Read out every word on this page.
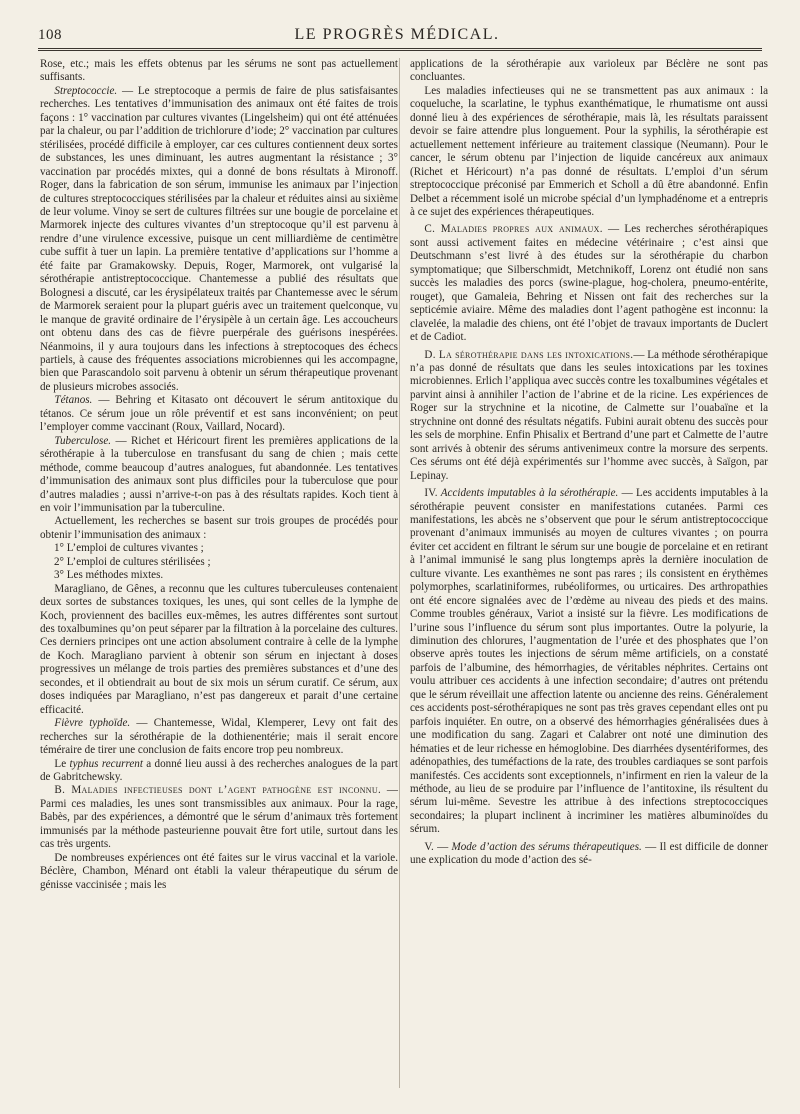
108	LE PROGRÈS MÉDICAL.

Rose, etc.; mais les effets obtenus par les sérums ne sont pas actuellement suffisants.

Streptococcie. — Le streptocoque a permis de faire de plus satisfaisantes recherches. Les tentatives d’immunisation des animaux ont été faites de trois façons : 1° vaccination par cultures vivantes (Lingelsheim) qui ont été atténuées par la chaleur, ou par l’addition de trichlorure d’iode; 2° vaccination par cultures stérilisées, procédé difficile à employer, car ces cultures contiennent deux sortes de substances, les unes diminuant, les autres augmentant la résistance ; 3° vaccination par procédés mixtes, qui a donné de bons résultats à Mironoff. Roger, dans la fabrication de son sérum, immunise les animaux par l’injection de cultures streptococciques stérilisées par la chaleur et réduites ainsi au sixième de leur volume. Vinoy se sert de cultures filtrées sur une bougie de porcelaine et Marmorek injecte des cultures vivantes d’un streptocoque qu’il est parvenu à rendre d’une virulence excessive, puisque un cent milliardième de centimètre cube suffit à tuer un lapin. La première tentative d’applications sur l’homme a été faite par Gramakowsky. Depuis, Roger, Marmorek, ont vulgarisé la sérothérapie antistreptococcique. Chantemesse a publié des résultats que Bolognesi a discuté, car les érysipélateux traités par Chantemesse avec le sérum de Marmorek seraient pour la plupart guéris avec un traitement quelconque, vu le manque de gravité ordinaire de l’érysipèle à un certain âge. Les accoucheurs ont obtenu dans des cas de fièvre puerpérale des guérisons inespérées. Néanmoins, il y aura toujours dans les infections à streptocoques des échecs partiels, à cause des fréquentes associations microbiennes qui les accompagne, bien que Parascandolo soit parvenu à obtenir un sérum thérapeutique provenant de plusieurs microbes associés.

Tétanos. — Behring et Kitasato ont découvert le sérum antitoxique du tétanos. Ce sérum joue un rôle préventif et est sans inconvénient; on peut l’employer comme vaccinant (Roux, Vaillard, Nocard).

Tuberculose. — Richet et Héricourt firent les premières applications de la sérothérapie à la tuberculose en transfusant du sang de chien ; mais cette méthode, comme beaucoup d’autres analogues, fut abandonnée. Les tentatives d’immunisation des animaux sont plus difficiles pour la tuberculose que pour d’autres maladies ; aussi n’arrive-t-on pas à des résultats rapides. Koch tient à en voir l’immunisation par la tuberculine.

Actuellement, les recherches se basent sur trois groupes de procédés pour obtenir l’immunisation des animaux :

1° L’emploi de cultures vivantes ;

2° L’emploi de cultures stérilisées ;

3° Les méthodes mixtes.

Maragliano, de Gênes, a reconnu que les cultures tuberculeuses contenaient deux sortes de substances toxiques, les unes, qui sont celles de la lymphe de Koch, proviennent des bacilles eux-mêmes, les autres différentes sont surtout des toxalbumines qu’on peut séparer par la filtration à la porcelaine des cultures. Ces derniers principes ont une action absolument contraire à celle de la lymphe de Koch. Maragliano parvient à obtenir son sérum en injectant à doses progressives un mélange de trois parties des premières substances et d’une des secondes, et il obtiendrait au bout de six mois un sérum curatif. Ce sérum, aux doses indiquées par Maragliano, n’est pas dangereux et parait d’une certaine efficacité.

Fièvre typhoïde. — Chantemesse, Widal, Klemperer, Levy ont fait des recherches sur la sérothérapie de la dothienentérie; mais il serait encore téméraire de tirer une conclusion de faits encore trop peu nombreux.

Le typhus recurrent a donné lieu aussi à des recherches analogues de la part de Gabritchewsky.

B. Maladies infectieuses dont l’agent pathogène est inconnu. — Parmi ces maladies, les unes sont transmissibles aux animaux. Pour la rage, Babès, par des expériences, a démontré que le sérum d’animaux très fortement immunisés par la méthode pasteurienne pouvait être fort utile, surtout dans les cas très urgents.

De nombreuses expériences ont été faites sur le virus vaccinal et la variole. Béclère, Chambon, Ménard ont établi la valeur thérapeutique du sérum de génisse vaccinisée ; mais les

applications de la sérothérapie aux varioleux par Béclère ne sont pas concluantes.

Les maladies infectieuses qui ne se transmettent pas aux animaux : la coqueluche, la scarlatine, le typhus exanthématique, le rhumatisme ont aussi donné lieu à des expériences de sérothérapie, mais là, les résultats paraissent devoir se faire attendre plus longuement. Pour la syphilis, la sérothérapie est actuellement nettement inférieure au traitement classique (Neumann). Pour le cancer, le sérum obtenu par l’injection de liquide cancéreux aux animaux (Richet et Héricourt) n’a pas donné de résultats. L’emploi d’un sérum streptococcique préconisé par Emmerich et Scholl a dû être abandonné. Enfin Delbet a récemment isolé un microbe spécial d’un lymphadénome et a entrepris à ce sujet des expériences thérapeutiques.

C. Maladies propres aux animaux. — Les recherches sérothérapiques sont aussi activement faites en médecine vétérinaire ; c’est ainsi que Deutschmann s’est livré à des études sur la sérothérapie du charbon symptomatique; que Silberschmidt, Metchnikoff, Lorenz ont étudié non sans succès les maladies des porcs (swine-plague, hog-cholera, pneumo-entérite, rouget), que Gamaleia, Behring et Nissen ont fait des recherches sur la septicémie aviaire. Même des maladies dont l’agent pathogène est inconnu: la clavelée, la maladie des chiens, ont été l’objet de travaux importants de Duclert et de Cadiot.

D. La sérothérapie dans les intoxications.— La méthode sérothérapique n’a pas donné de résultats que dans les seules intoxications par les toxines microbiennes. Erlich l’appliqua avec succès contre les toxalbumines végétales et parvint ainsi à annihiler l’action de l’abrine et de la ricine. Les expériences de Roger sur la strychnine et la nicotine, de Calmette sur l’ouabaïne et la strychnine ont donné des résultats négatifs. Fubini aurait obtenu des succès pour les sels de morphine. Enfin Phisalix et Bertrand d’une part et Calmette de l’autre sont arrivés à obtenir des sérums antivenimeux contre la morsure des serpents. Ces sérums ont été déjà expérimentés sur l’homme avec succès, à Saïgon, par Lepinay.

IV. Accidents imputables à la sérothérapie. — Les accidents imputables à la sérothérapie peuvent consister en manifestations cutanées. Parmi ces manifestations, les abcès ne s’observent que pour le sérum antistreptococcique provenant d’animaux immunisés au moyen de cultures vivantes ; on pourra éviter cet accident en filtrant le sérum sur une bougie de porcelaine et en retirant à l’animal immunisé le sang plus longtemps après la dernière inoculation de culture vivante. Les exanthèmes ne sont pas rares ; ils consistent en érythèmes polymorphes, scarlatiniformes, rubéoliformes, ou urticaires. Des arthropathies ont été encore signalées avec de l’œdème au niveau des pieds et des mains. Comme troubles généraux, Variot a insisté sur la fièvre. Les modifications de l’urine sous l’influence du sérum sont plus importantes. Outre la polyurie, la diminution des chlorures, l’augmentation de l’urée et des phosphates que l’on observe après toutes les injections de sérum même artificiels, on a constaté parfois de l’albumine, des hémorrhagies, de véritables néphrites. Certains ont voulu attribuer ces accidents à une infection secondaire; d’autres ont prétendu que le sérum réveillait une affection latente ou ancienne des reins. Généralement ces accidents post-sérothérapiques ne sont pas très graves cependant elles ont pu parfois inquiéter. En outre, on a observé des hémorrhagies généralisées dues à une modification du sang. Zagari et Calabrer ont noté une diminution des hématies et de leur richesse en hémoglobine. Des diarrhées dysentériformes, des adénopathies, des tuméfactions de la rate, des troubles cardiaques se sont parfois manifestés. Ces accidents sont exceptionnels, n’infirment en rien la valeur de la méthode, au lieu de se produire par l’influence de l’antitoxine, ils résultent du sérum lui-même. Sevestre les attribue à des infections streptococciques secondaires; la plupart inclinent à incriminer les matières albuminoïdes du sérum.

V. — Mode d’action des sérums thérapeutiques. — Il est difficile de donner une explication du mode d’action des sé-
